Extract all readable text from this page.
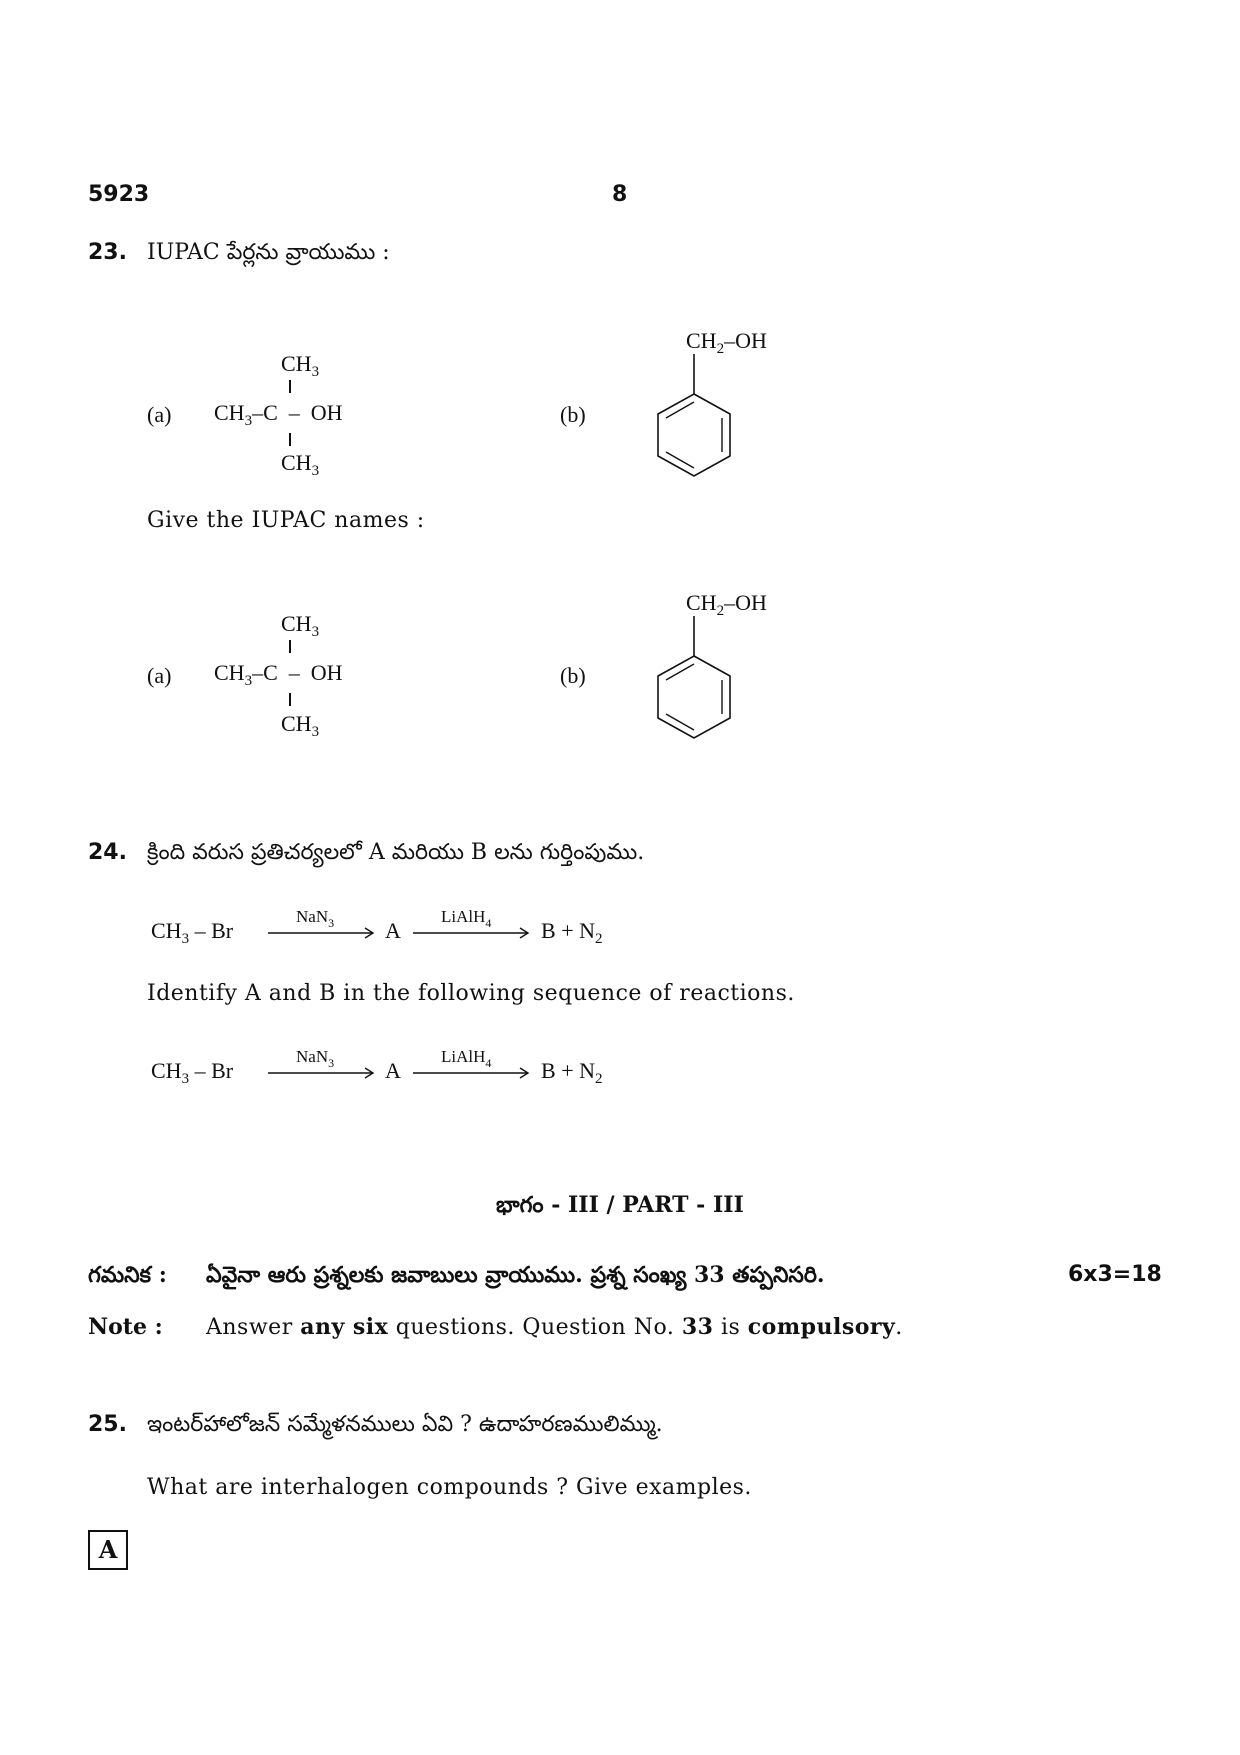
5923	8
23. IUPAC పేర్లను వ్రాయుము :
(a)
$CH_3$
$CH_3-C$ – OH
$CH_3$
(b)
$CH_2-OH$
Give the IUPAC names :
(a)
$CH_3$
$CH_3-C$ – OH
$CH_3$
(b)
$CH_2-OH$
24. క్రింది వరుస ప్రతిచర్యలలో A మరియు B లను గుర్తింపుము.
$CH_3$ – Br
NaN$_3$ A
LiAlH$_4$ $B + N_2$
Identify A and B in the following sequence of reactions.
$CH_3$ – Br
NaN$_3$ A
LiAlH$_4$ $B + N_2$
భాగం - III / PART - III
గమనిక : ఏవైనా ఆరు ప్రశ్నలకు జవాబులు వ్రాయుము. ప్రశ్న సంఖ్య 33 తప్పనిసరి.	6x3=18
Note : Answer any six questions. Question No. 33 is compulsory.
25. ఇంటర్‌హాలోజన్ సమ్మేళనములు ఏవి ? ఉదాహరణములిమ్ము.
What are interhalogen compounds ? Give examples.
A
